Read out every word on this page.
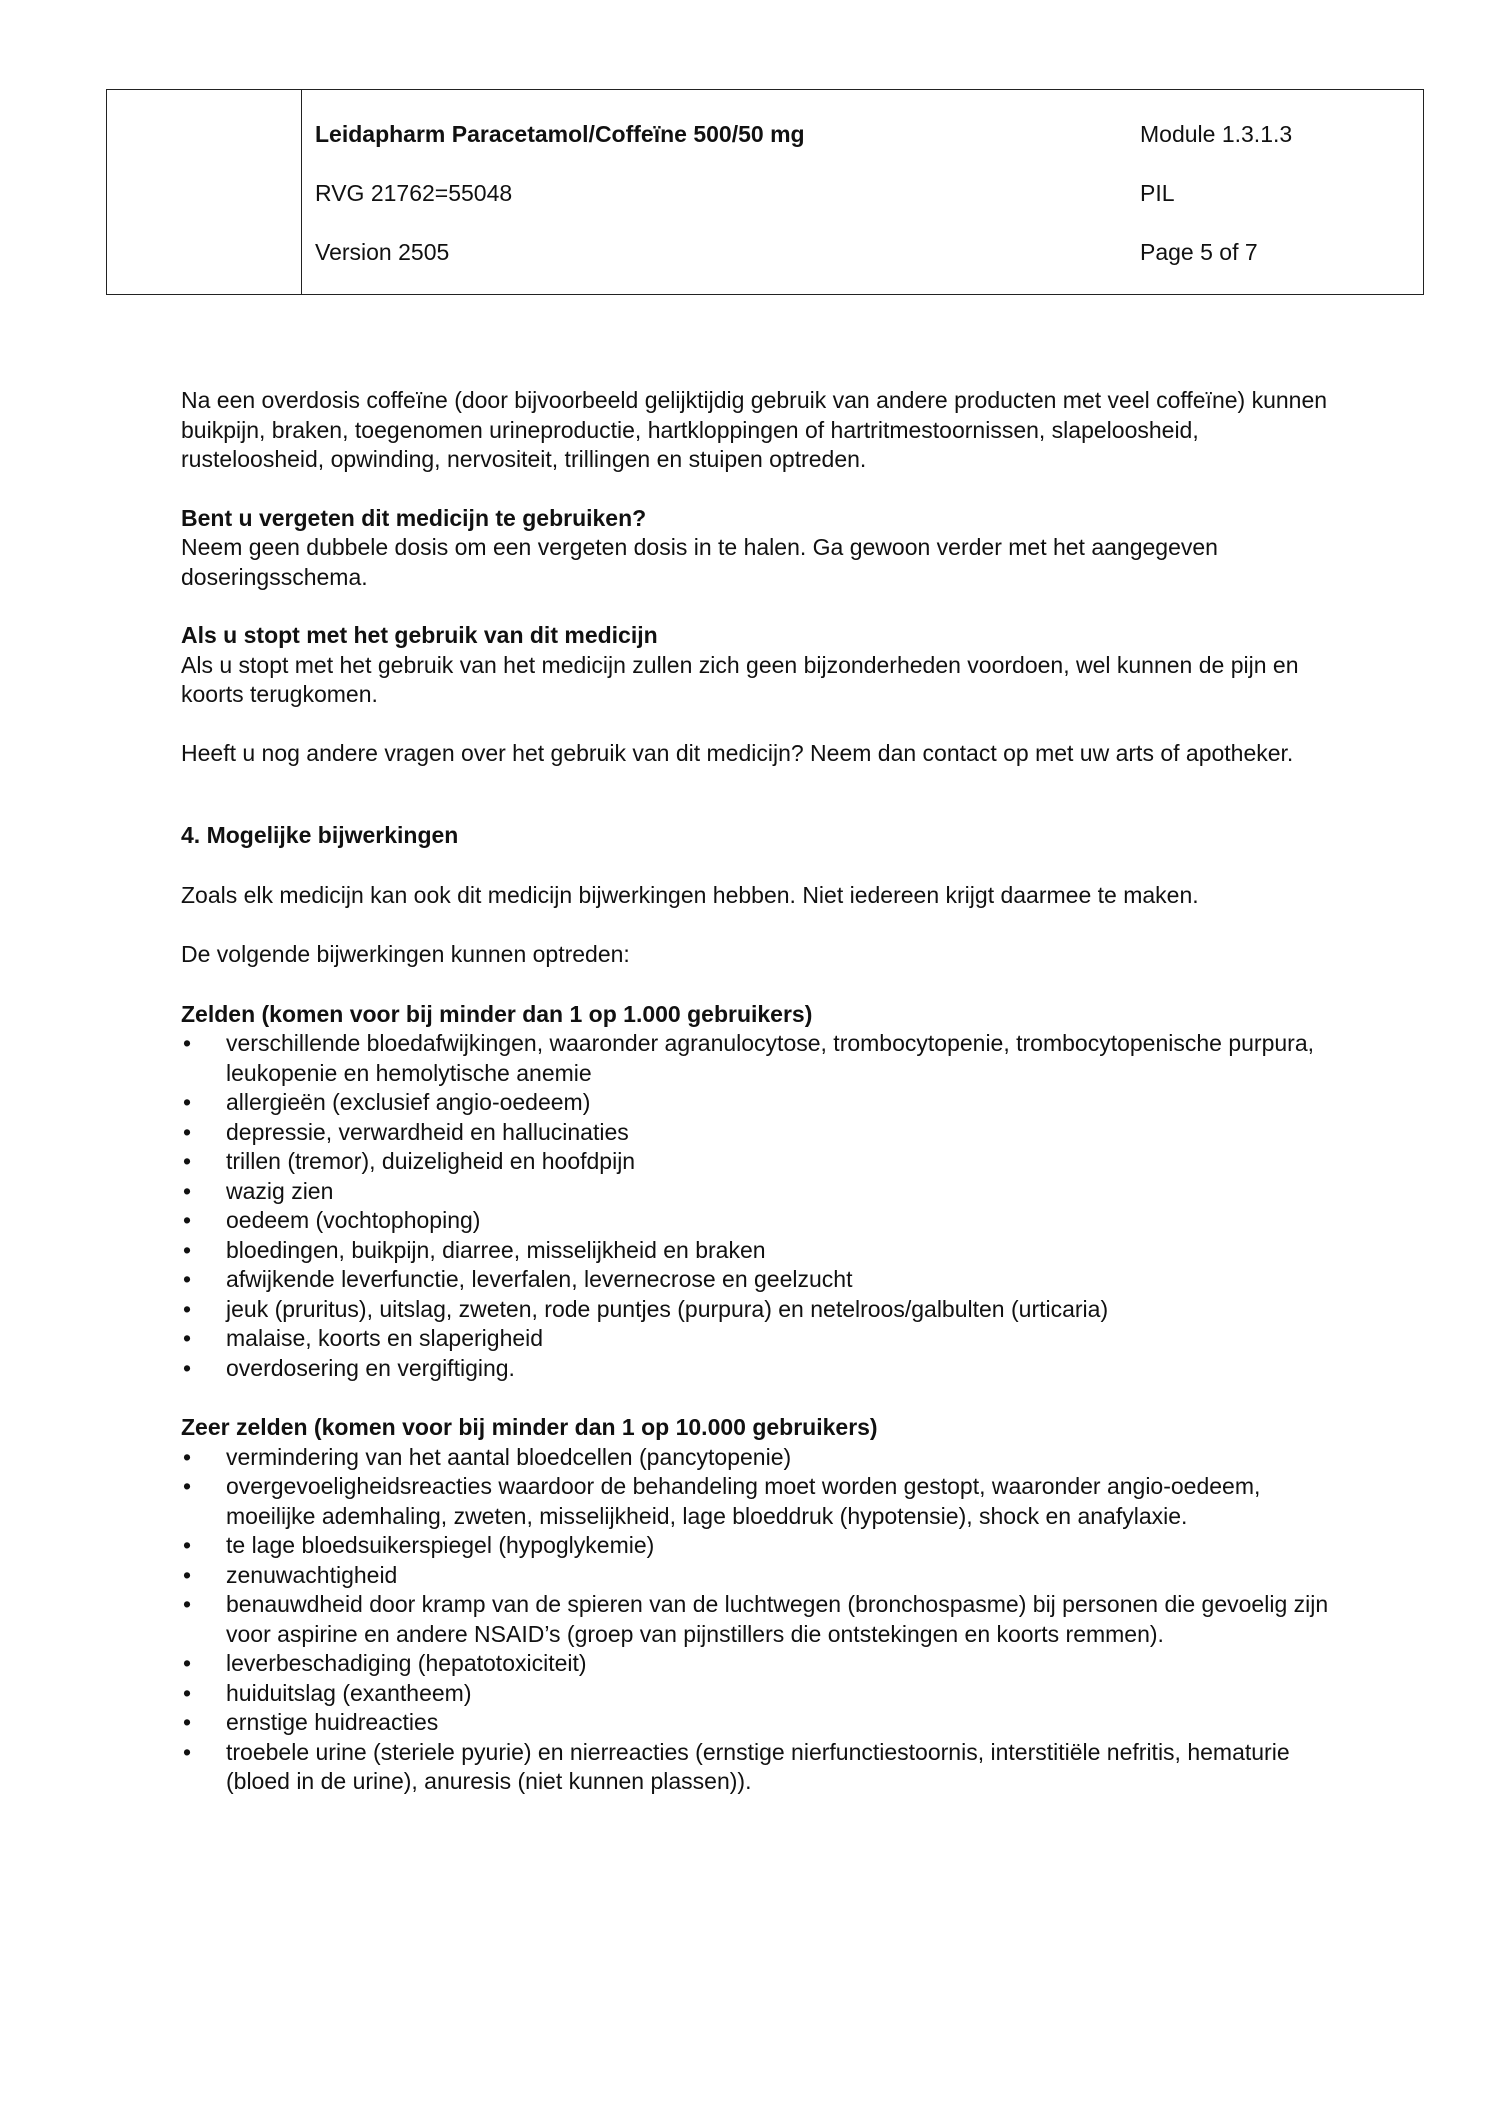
Leidapharm Paracetamol/Coffeïne 500/50 mg
RVG 21762=55048
Version 2505
Module 1.3.1.3
PIL
Page 5 of 7

Na een overdosis coffeïne (door bijvoorbeeld gelijktijdig gebruik van andere producten met veel coffeïne) kunnen buikpijn, braken, toegenomen urineproductie, hartkloppingen of hartritmestoornissen, slapeloosheid, rusteloosheid, opwinding, nervositeit, trillingen en stuipen optreden.

Bent u vergeten dit medicijn te gebruiken?

Neem geen dubbele dosis om een vergeten dosis in te halen. Ga gewoon verder met het aangegeven doseringsschema.

Als u stopt met het gebruik van dit medicijn

Als u stopt met het gebruik van het medicijn zullen zich geen bijzonderheden voordoen, wel kunnen de pijn en koorts terugkomen.

Heeft u nog andere vragen over het gebruik van dit medicijn? Neem dan contact op met uw arts of apotheker.

4. Mogelijke bijwerkingen

Zoals elk medicijn kan ook dit medicijn bijwerkingen hebben. Niet iedereen krijgt daarmee te maken.

De volgende bijwerkingen kunnen optreden:

Zelden (komen voor bij minder dan 1 op 1.000 gebruikers)

• verschillende bloedafwijkingen, waaronder agranulocytose, trombocytopenie, trombocytopenische purpura, leukopenie en hemolytische anemie
• allergieën (exclusief angio-oedeem)
• depressie, verwardheid en hallucinaties
• trillen (tremor), duizeligheid en hoofdpijn
• wazig zien
• oedeem (vochtophoping)
• bloedingen, buikpijn, diarree, misselijkheid en braken
• afwijkende leverfunctie, leverfalen, levernecrose en geelzucht
• jeuk (pruritus), uitslag, zweten, rode puntjes (purpura) en netelroos/galbulten (urticaria)
• malaise, koorts en slaperigheid
• overdosering en vergiftiging.

Zeer zelden (komen voor bij minder dan 1 op 10.000 gebruikers)

• vermindering van het aantal bloedcellen (pancytopenie)
• overgevoeligheidsreacties waardoor de behandeling moet worden gestopt, waaronder angio-oedeem, moeilijke ademhaling, zweten, misselijkheid, lage bloeddruk (hypotensie), shock en anafylaxie.
• te lage bloedsuikerspiegel (hypoglykemie)
• zenuwachtigheid
• benauwdheid door kramp van de spieren van de luchtwegen (bronchospasme) bij personen die gevoelig zijn voor aspirine en andere NSAID’s (groep van pijnstillers die ontstekingen en koorts remmen).
• leverbeschadiging (hepatotoxiciteit)
• huiduitslag (exantheem)
• ernstige huidreacties
• troebele urine (steriele pyurie) en nierreacties (ernstige nierfunctiestoornis, interstitiële nefritis, hematurie (bloed in de urine), anuresis (niet kunnen plassen)).
